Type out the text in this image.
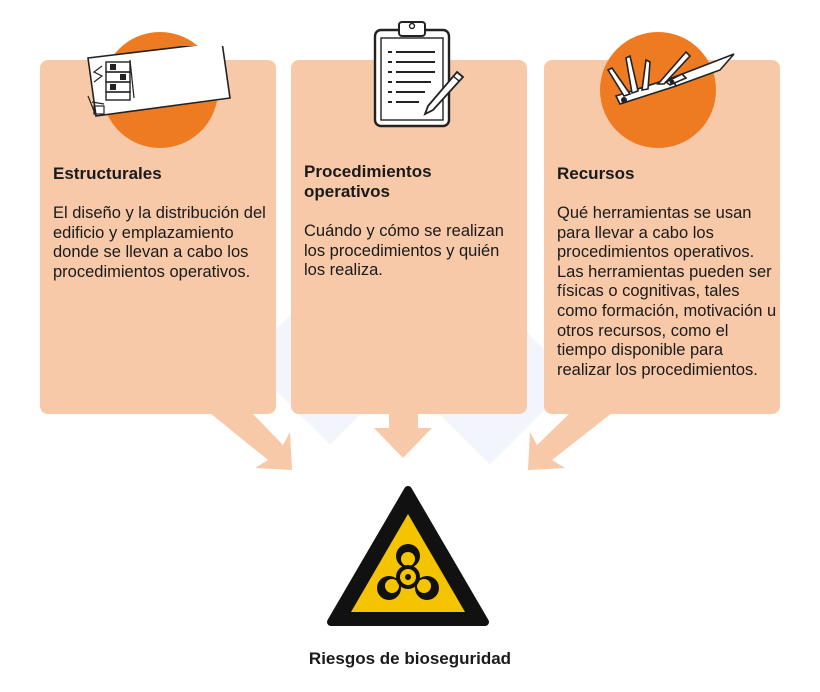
Estructurales

El diseño y la distribución del edificio y emplazamiento donde se llevan a cabo los procedimientos operativos.

Procedimientos operativos

Cuándo y cómo se realizan los procedimientos y quién los realiza.

Recursos

Qué herramientas se usan para llevar a cabo los procedimientos operativos. Las herramientas pueden ser físicas o cognitivas, tales como formación, motivación u otros recursos, como el tiempo disponible para realizar los procedimientos.

Riesgos de bioseguridad
